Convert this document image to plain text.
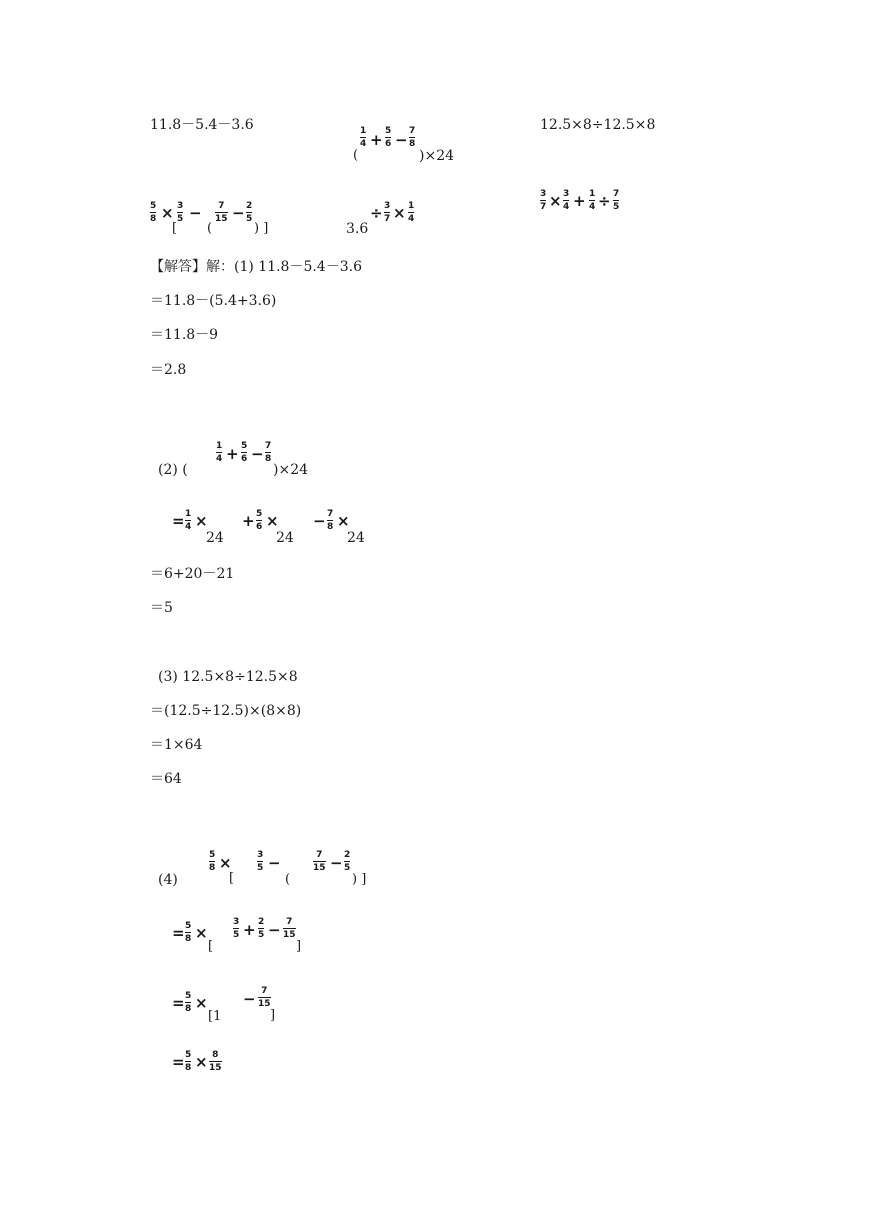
11.8－5.4－3.6	1
4 + 5
6 − 7
8
(	)×24
12.5×8÷12.5×8
5
8 × 3
5 −
[
7
15 − 2
5
(	) ]	3.6
÷ 3
7 × 1
4
3
7 × 3
4 + 1
4 ÷ 7
5
【解答】解：(1) 11.8－5.4－3.6
＝11.8－(5.4+3.6)
＝11.8－9
＝2.8
(2) (
1
4 + 5
6 − 7
8
)×24
= 1
4 ×
24
+ 5
6 ×
24
− 7
8 ×
24
＝6+20－21
＝5
(3) 12.5×8÷12.5×8
＝(12.5÷12.5)×(8×8)
＝1×64
＝64
(4)
5
8 ×
[
3
5 −
(
7
15 − 2
5
) ]
= 5
8 ×
[
3
5 + 2
5 − 7
15
]
= 5
8 ×
[1
− 7
15
]
= 5
8 × 8
15
